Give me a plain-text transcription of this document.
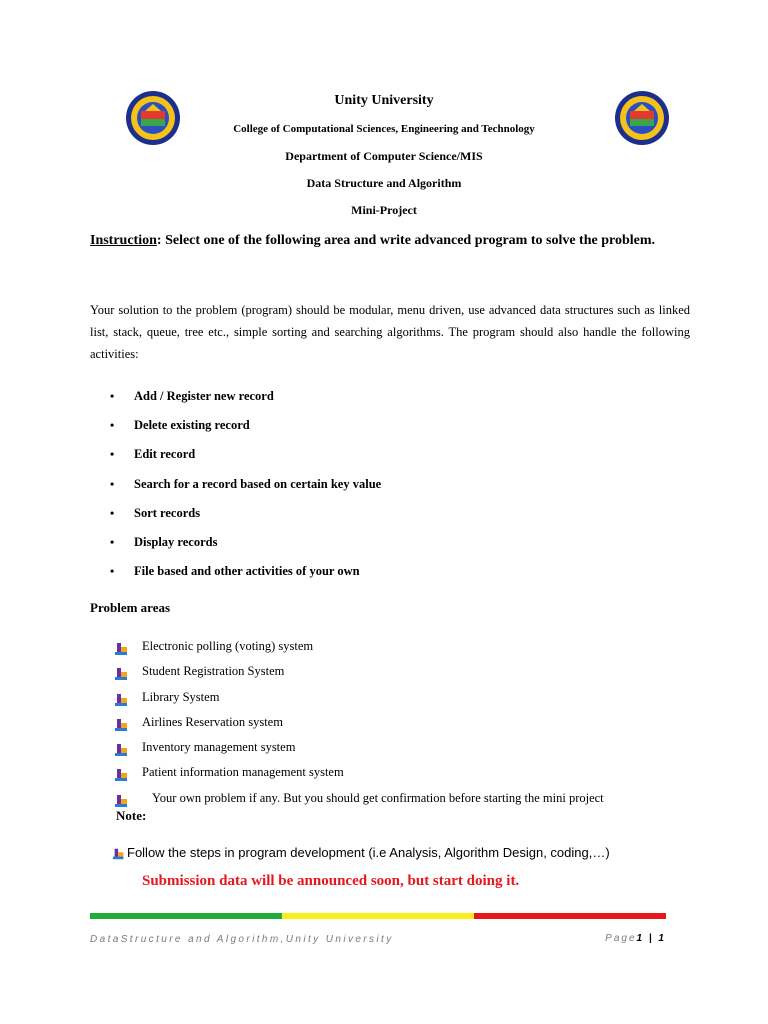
Unity University
College of Computational Sciences, Engineering and Technology
Department of Computer Science/MIS
Data Structure and Algorithm
Mini-Project
Instruction: Select one of the following area and write advanced program to solve the problem.
Your solution to the problem (program) should be modular, menu driven, use advanced data structures such as linked list, stack, queue, tree etc., simple sorting and searching algorithms. The program should also handle the following activities:
• Add / Register new record
• Delete existing record
• Edit record
• Search for a record based on certain key value
• Sort records
• Display records
• File based and other activities of your own
Problem areas
Electronic polling (voting) system
Student Registration System
Library System
Airlines Reservation system
Inventory management system
Patient information management system
Your own problem if any. But you should get confirmation before starting the mini project
Note:
Follow the steps in program development (i.e Analysis, Algorithm Design, coding,…)
Submission data will be announced soon, but start doing it.
DataStructure and Algorithm,Unity University	Page1 | 1
